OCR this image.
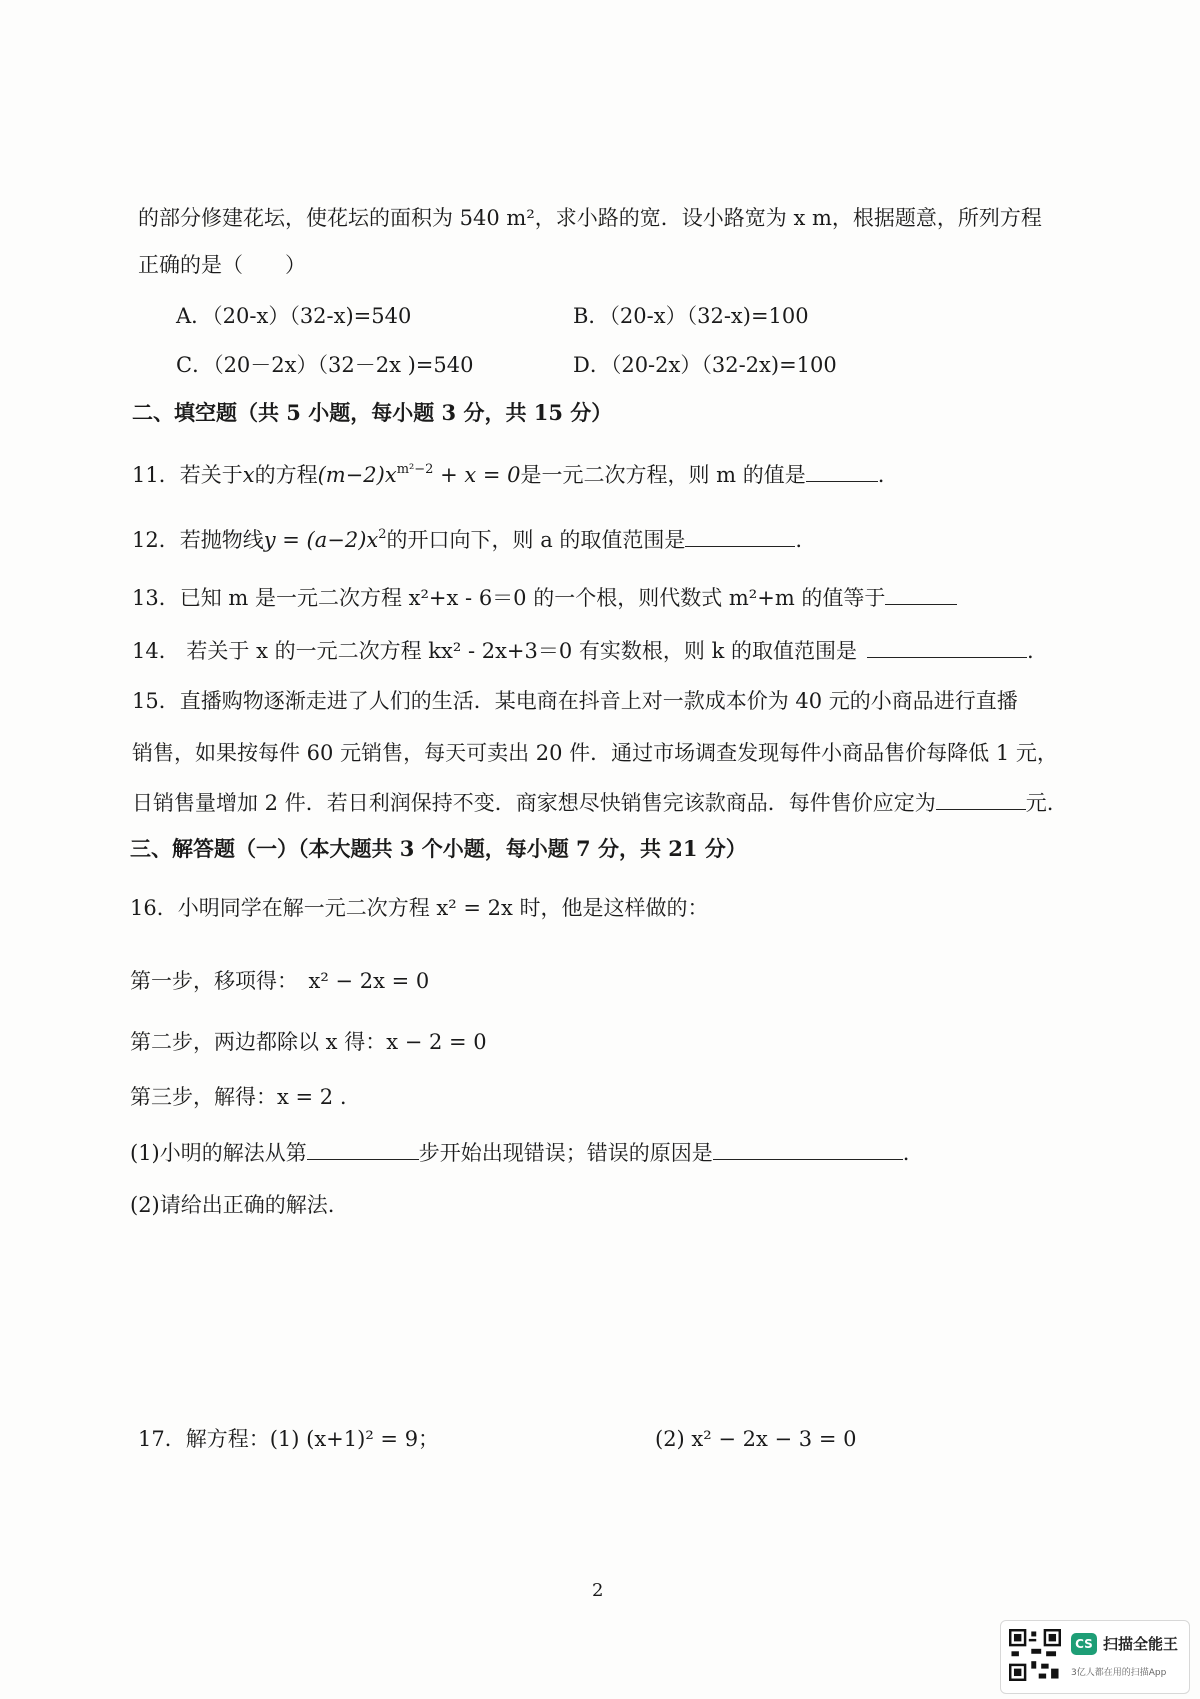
的部分修建花坛，使花坛的面积为 540 m²，求小路的宽．设小路宽为 x m，根据题意，所列方程
正确的是（　　）
A．（20-x）（32-x)=540	B．（20-x）（32-x)=100
C．（20－2x）（32－2x )=540	D．（20-2x）（32-2x)=100
二、填空题（共 5 小题，每小题 3 分，共 15 分）
11．若关于x的方程$(m-2)x^{m^2-2} + x = 0$是一元二次方程，则 m 的值是	.
12．若抛物线$y = (a-2)x^2$的开口向下，则 a 的取值范围是	.
13．已知 m 是一元二次方程 x²+x - 6＝0 的一个根，则代数式 m²+m 的值等于
14． 若关于 x 的一元二次方程 kx² - 2x+3＝0 有实数根，则 k 的取值范围是	.
15．直播购物逐渐走进了人们的生活．某电商在抖音上对一款成本价为 40 元的小商品进行直播
销售，如果按每件 60 元销售，每天可卖出 20 件．通过市场调查发现每件小商品售价每降低 1 元，
日销售量增加 2 件．若日利润保持不变．商家想尽快销售完该款商品．每件售价应定为	元.
三、解答题（一）（本大题共 3 个小题，每小题 7 分，共 21 分）
16．小明同学在解一元二次方程 x² = 2x 时，他是这样做的：
第一步，移项得：　x² − 2x = 0
第二步，两边都除以 x 得：x − 2 = 0
第三步，解得：x = 2 .
(1)小明的解法从第	步开始出现错误；错误的原因是	.
(2)请给出正确的解法.
17．解方程：(1) (x+1)² = 9；	(2) x² − 2x − 3 = 0
2
CS 扫描全能王
3亿人都在用的扫描App
